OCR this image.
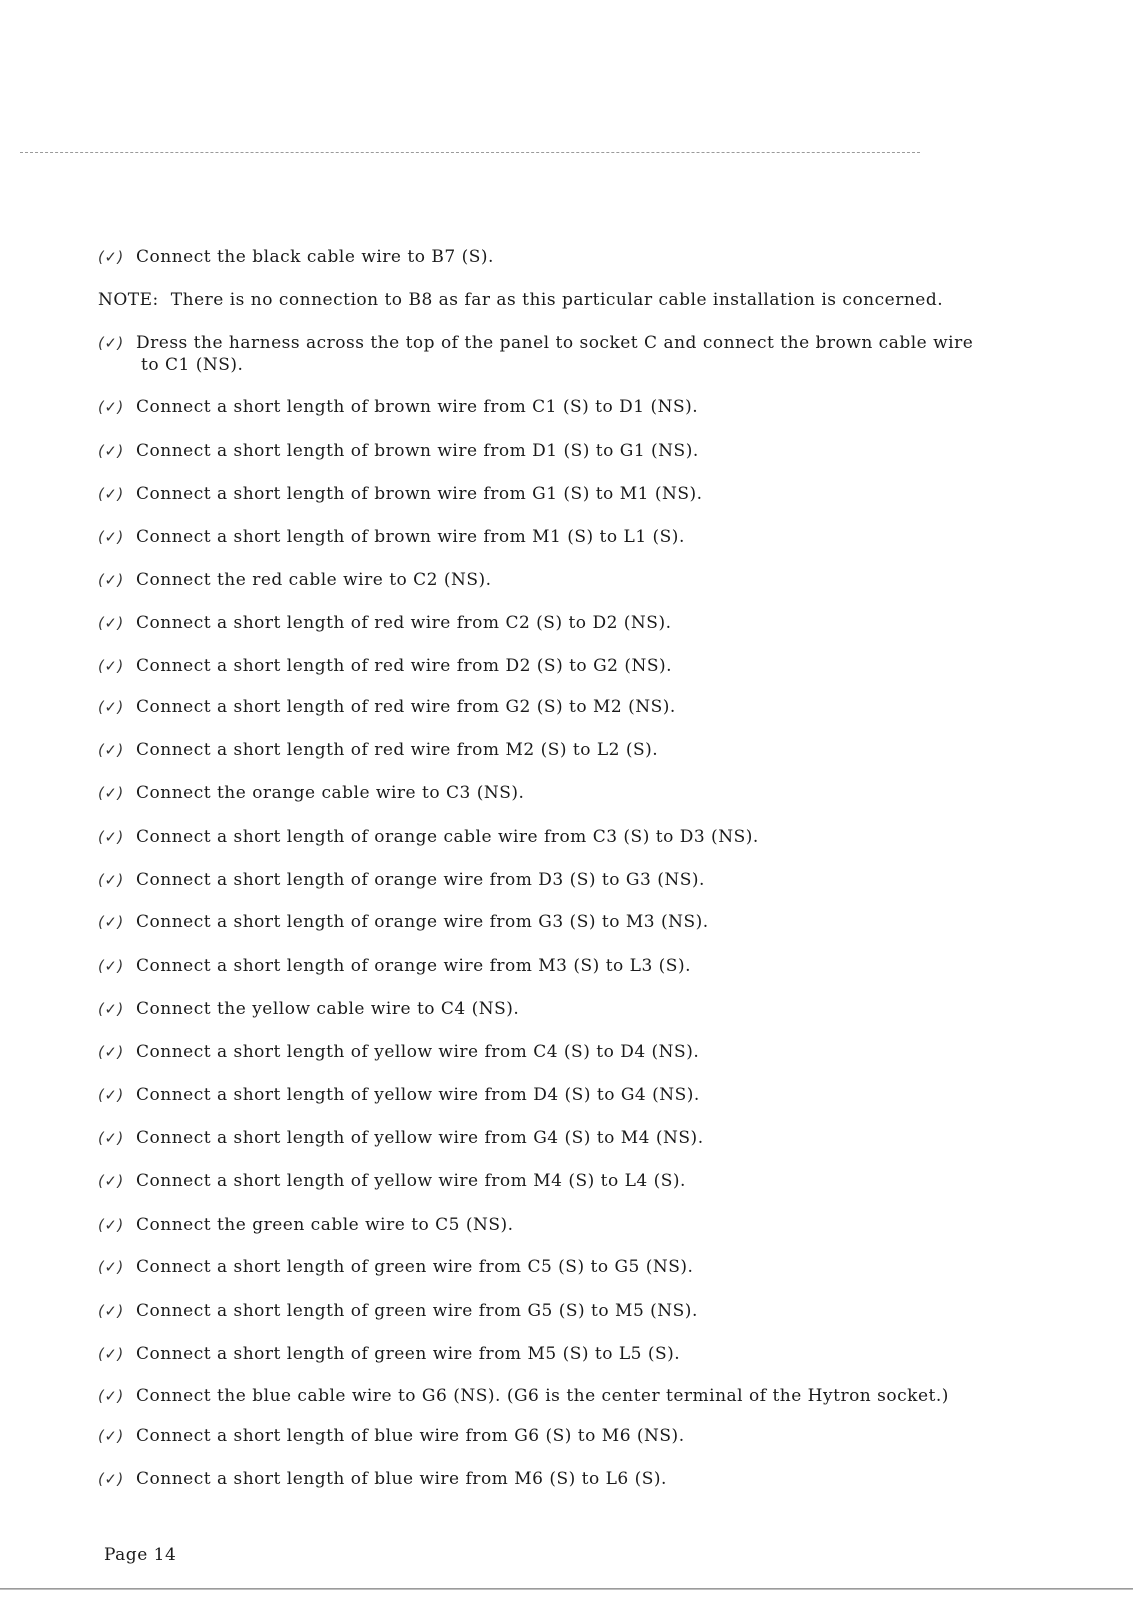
(✓) Connect the black cable wire to B7 (S).
NOTE: There is no connection to B8 as far as this particular cable installation is concerned.
(✓) Dress the harness across the top of the panel to socket C and connect the brown cable wire
to C1 (NS).
(✓) Connect a short length of brown wire from C1 (S) to D1 (NS).
(✓) Connect a short length of brown wire from D1 (S) to G1 (NS).
(✓) Connect a short length of brown wire from G1 (S) to M1 (NS).
(✓) Connect a short length of brown wire from M1 (S) to L1 (S).
(✓) Connect the red cable wire to C2 (NS).
(✓) Connect a short length of red wire from C2 (S) to D2 (NS).
(✓) Connect a short length of red wire from D2 (S) to G2 (NS).
(✓) Connect a short length of red wire from G2 (S) to M2 (NS).
(✓) Connect a short length of red wire from M2 (S) to L2 (S).
(✓) Connect the orange cable wire to C3 (NS).
(✓) Connect a short length of orange cable wire from C3 (S) to D3 (NS).
(✓) Connect a short length of orange wire from D3 (S) to G3 (NS).
(✓) Connect a short length of orange wire from G3 (S) to M3 (NS).
(✓) Connect a short length of orange wire from M3 (S) to L3 (S).
(✓) Connect the yellow cable wire to C4 (NS).
(✓) Connect a short length of yellow wire from C4 (S) to D4 (NS).
(✓) Connect a short length of yellow wire from D4 (S) to G4 (NS).
(✓) Connect a short length of yellow wire from G4 (S) to M4 (NS).
(✓) Connect a short length of yellow wire from M4 (S) to L4 (S).
(✓) Connect the green cable wire to C5 (NS).
(✓) Connect a short length of green wire from C5 (S) to G5 (NS).
(✓) Connect a short length of green wire from G5 (S) to M5 (NS).
(✓) Connect a short length of green wire from M5 (S) to L5 (S).
(✓) Connect the blue cable wire to G6 (NS). (G6 is the center terminal of the Hytron socket.)
(✓) Connect a short length of blue wire from G6 (S) to M6 (NS).
(✓) Connect a short length of blue wire from M6 (S) to L6 (S).
Page 14
